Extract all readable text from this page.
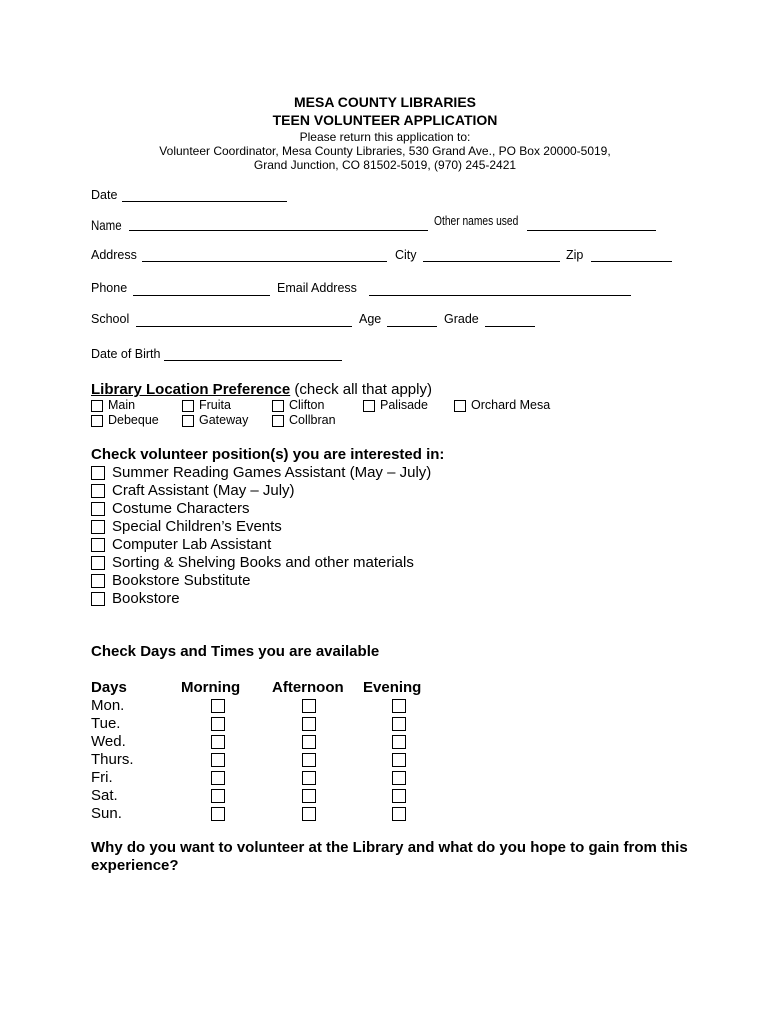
MESA COUNTY LIBRARIES
TEEN VOLUNTEER APPLICATION
Please return this application to:
Volunteer Coordinator, Mesa County Libraries, 530 Grand Ave., PO Box 20000-5019,
Grand Junction, CO 81502-5019, (970) 245-2421
Date
Name	Other names used
Address	City	Zip
Phone	Email Address
School	Age	Grade
Date of Birth
Library Location Preference (check all that apply)
Main	Fruita	Clifton	Palisade	Orchard Mesa
Debeque	Gateway	Collbran
Check volunteer position(s) you are interested in:
Summer Reading Games Assistant (May – July)
Craft Assistant (May – July)
Costume Characters
Special Children’s Events
Computer Lab Assistant
Sorting & Shelving Books and other materials
Bookstore Substitute
Bookstore
Check Days and Times you are available
Days	Morning Afternoon Evening
Mon.
Tue.
Wed.
Thurs.
Fri.
Sat.
Sun.
Why do you want to volunteer at the Library and what do you hope to gain from this experience?
